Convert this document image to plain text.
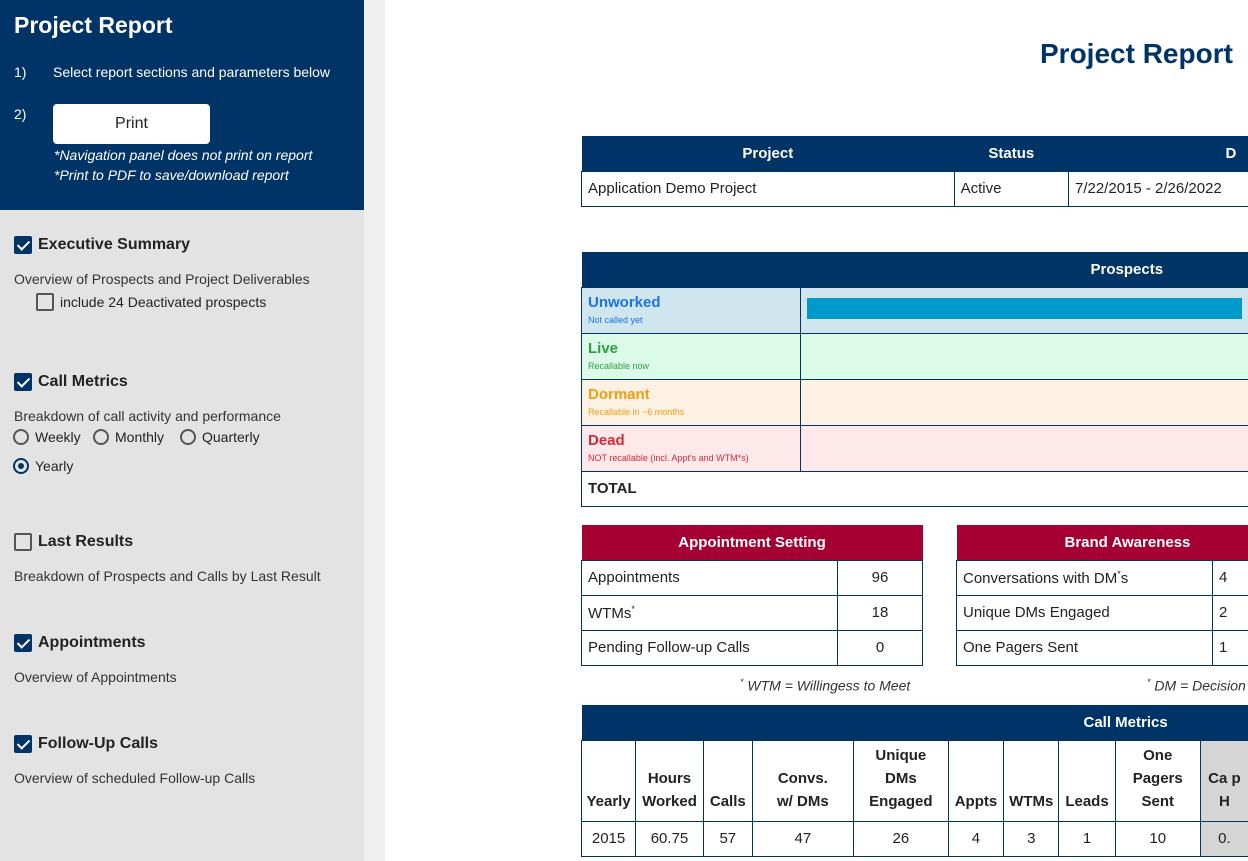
Project Report
1) Select report sections and parameters below
2)
Print
*Navigation panel does not print on report
*Print to PDF to save/download report
Executive Summary
Overview of Prospects and Project Deliverables
include 24 Deactivated prospects
Call Metrics
Breakdown of call activity and performance
Weekly	Monthly	Quarterly
Yearly
Last Results
Breakdown of Prospects and Calls by Last Result
Appointments
Overview of Appointments
Follow-Up Calls
Overview of scheduled Follow-up Calls
Project Report
Project	Status	D
Application Demo Project	Active	7/22/2015 - 2/26/2022
Prospects	

Unworked
Not called yet	

Live
Recallable now	

Dormant
Recallable in ~6 months	

Dead
NOT recallable (incl. Appt's and WTM*s)	

TOTAL	
Appointment Setting	
Appointments	96
WTMs*	18
Pending Follow-up Calls	0
Brand Awareness	
Conversations with DM*s	4
Unique DMs Engaged	2
One Pagers Sent	1
* WTM = Willingess to Meet	* DM = Decision
Call Metrics									
Yearly	Hours Worked	Calls	Convs. w/ DMs	Unique DMs Engaged	Appts	WTMs	Leads	One Pagers Sent	Ca p H
2015	60.75	57	47	26	4	3	1	10	0.
